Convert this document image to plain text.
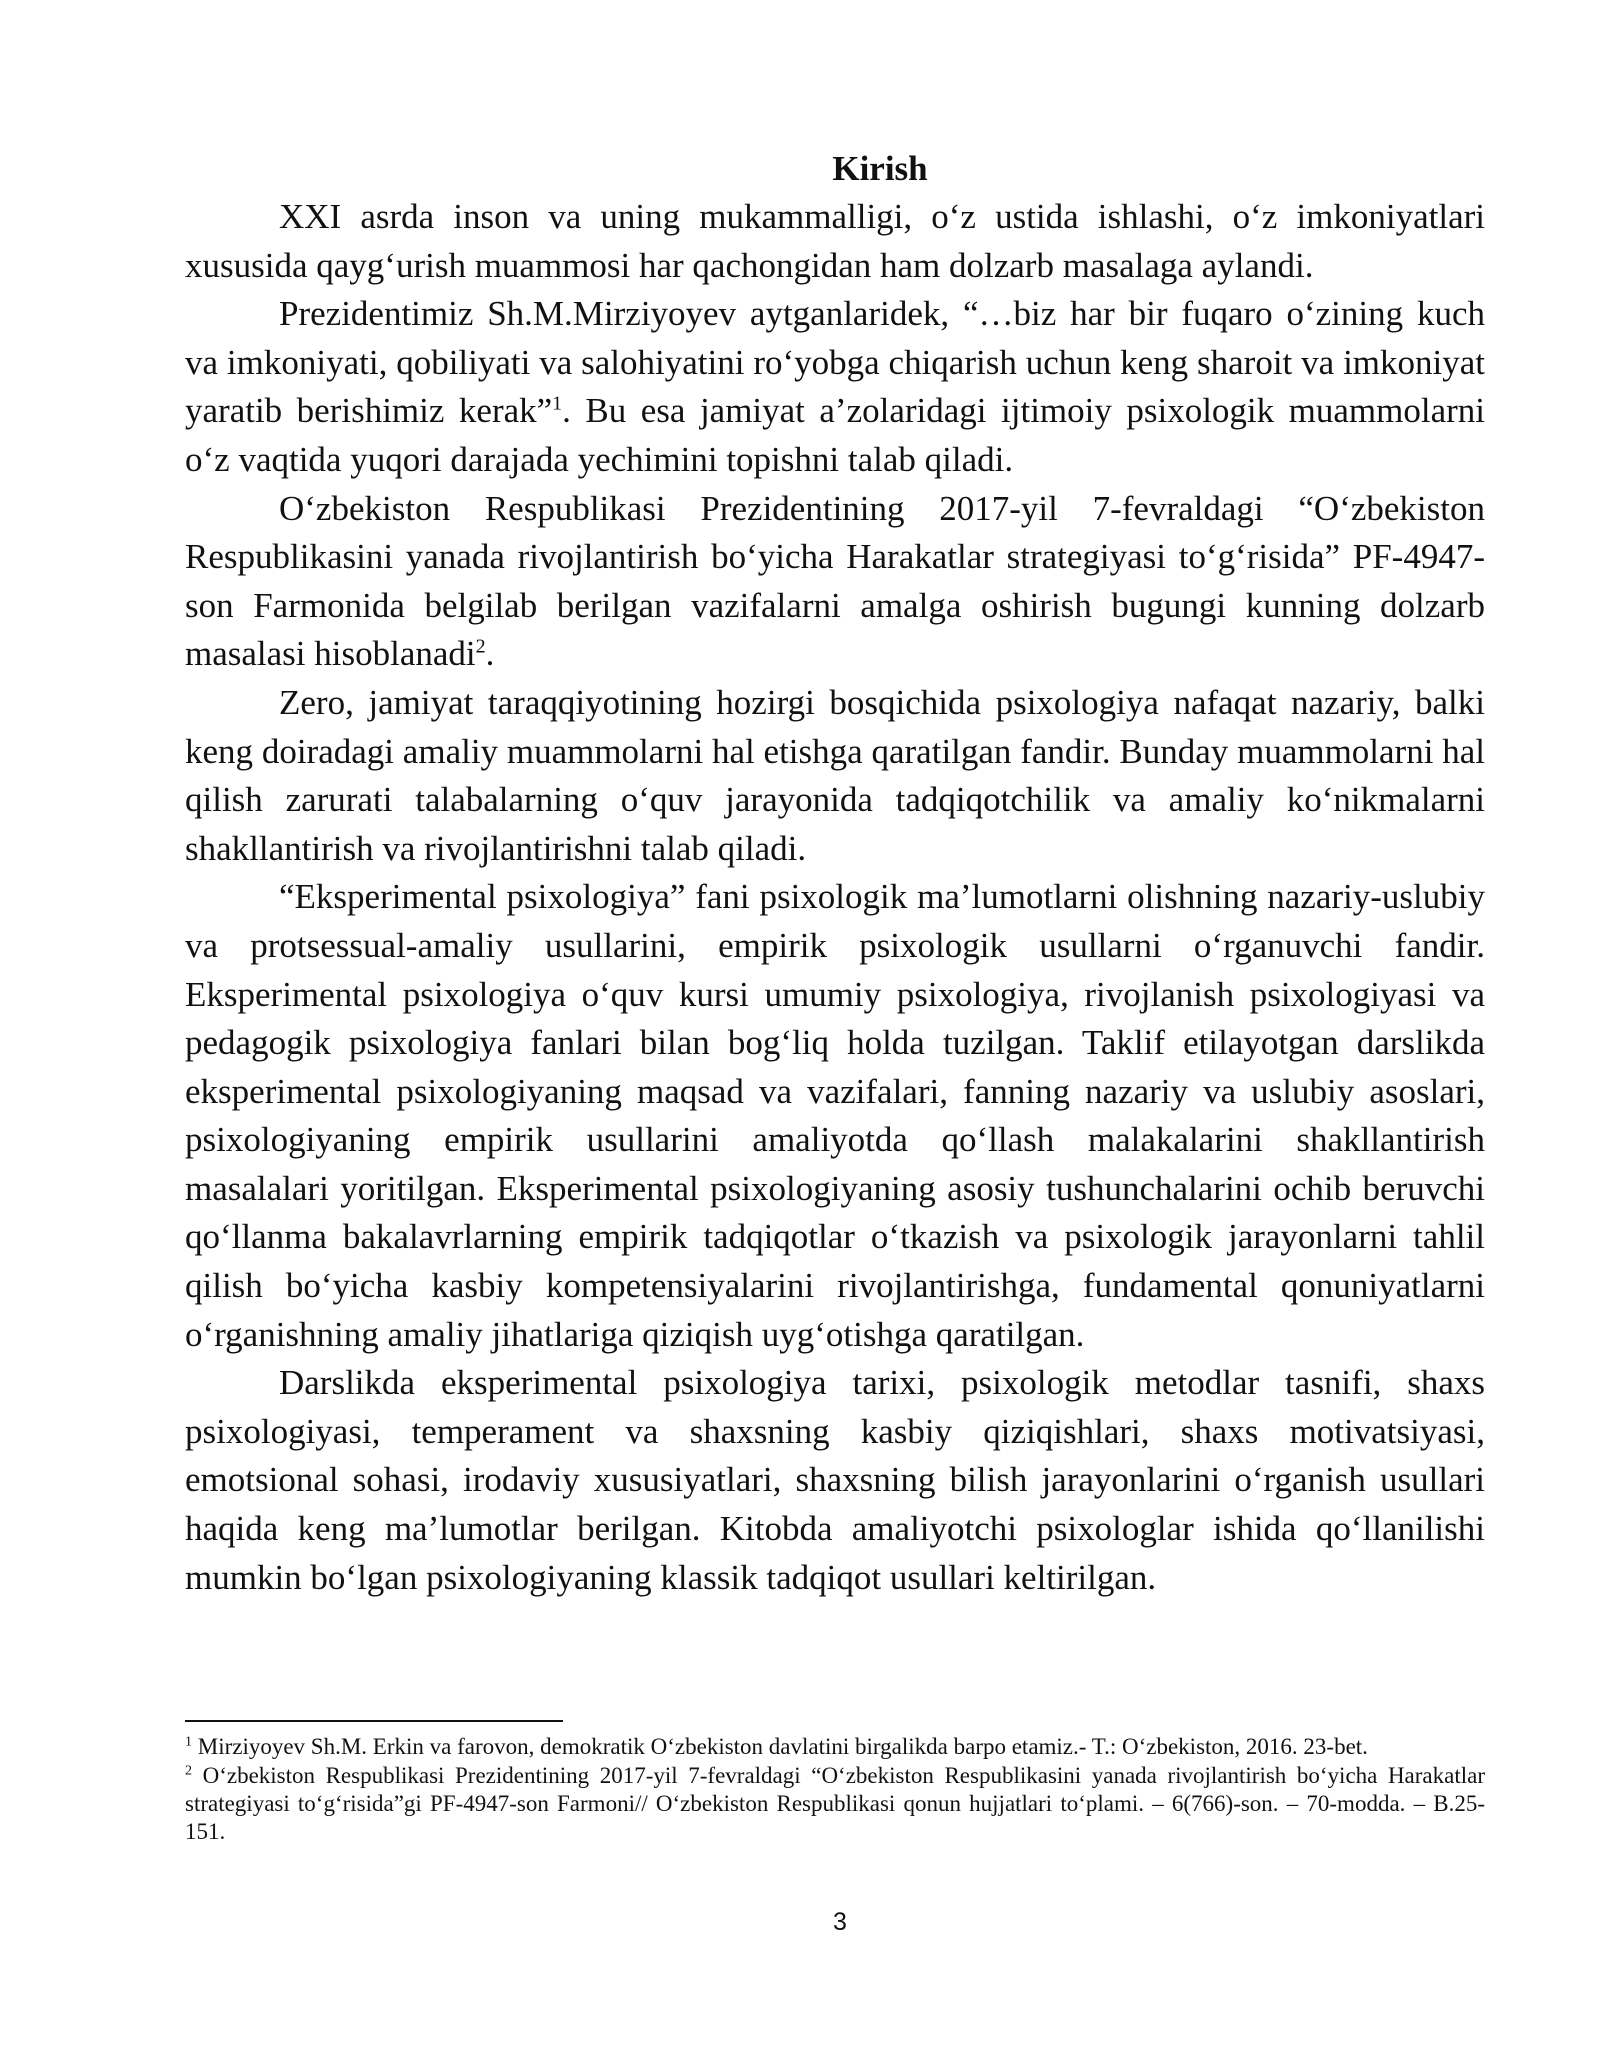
Kirish

XXI asrda inson va uning mukammalligi, o‘z ustida ishlashi, o‘z imkoniyatlari xususida qayg‘urish muammosi har qachongidan ham dolzarb masalaga aylandi.

Prezidentimiz Sh.M.Mirziyoyev aytganlaridek, “…biz har bir fuqaro o‘zining kuch va imkoniyati, qobiliyati va salohiyatini ro‘yobga chiqarish uchun keng sharoit va imkoniyat yaratib berishimiz kerak”$^1$. Bu esa jamiyat a’zolaridagi ijtimoiy psixologik muammolarni o‘z vaqtida yuqori darajada yechimini topishni talab qiladi.

O‘zbekiston Respublikasi Prezidentining 2017-yil 7-fevraldagi “O‘zbekiston Respublikasini yanada rivojlantirish bo‘yicha Harakatlar strategiyasi to‘g‘risida” PF-4947-son Farmonida belgilab berilgan vazifalarni amalga oshirish bugungi kunning dolzarb masalasi hisoblanadi$^2$.

Zero, jamiyat taraqqiyotining hozirgi bosqichida psixologiya nafaqat nazariy, balki keng doiradagi amaliy muammolarni hal etishga qaratilgan fandir. Bunday muammolarni hal qilish zarurati talabalarning o‘quv jarayonida tadqiqotchilik va amaliy ko‘nikmalarni shakllantirish va rivojlantirishni talab qiladi.

“Eksperimental psixologiya” fani psixologik ma’lumotlarni olishning nazariy-uslubiy va protsessual-amaliy usullarini, empirik psixologik usullarni o‘rganuvchi fandir. Eksperimental psixologiya o‘quv kursi umumiy psixologiya, rivojlanish psixologiyasi va pedagogik psixologiya fanlari bilan bog‘liq holda tuzilgan. Taklif etilayotgan darslikda eksperimental psixologiyaning maqsad va vazifalari, fanning nazariy va uslubiy asoslari, psixologiyaning empirik usullarini amaliyotda qo‘llash malakalarini shakllantirish masalalari yoritilgan. Eksperimental psixologiyaning asosiy tushunchalarini ochib beruvchi qo‘llanma bakalavrlarning empirik tadqiqotlar o‘tkazish va psixologik jarayonlarni tahlil qilish bo‘yicha kasbiy kompetensiyalarini rivojlantirishga, fundamental qonuniyatlarni o‘rganishning amaliy jihatlariga qiziqish uyg‘otishga qaratilgan.

Darslikda eksperimental psixologiya tarixi, psixologik metodlar tasnifi, shaxs psixologiyasi, temperament va shaxsning kasbiy qiziqishlari, shaxs motivatsiyasi, emotsional sohasi, irodaviy xususiyatlari, shaxsning bilish jarayonlarini o‘rganish usullari haqida keng ma’lumotlar berilgan. Kitobda amaliyotchi psixologlar ishida qo‘llanilishi mumkin bo‘lgan psixologiyaning klassik tadqiqot usullari keltirilgan.

$^1$ Mirziyoyev Sh.M. Erkin va farovon, demokratik O‘zbekiston davlatini birgalikda barpo etamiz.- T.: O‘zbekiston, 2016. 23-bet.

$^2$ O‘zbekiston Respublikasi Prezidentining 2017-yil 7-fevraldagi “O‘zbekiston Respublikasini yanada rivojlantirish bo‘yicha Harakatlar strategiyasi to‘g‘risida”gi PF-4947-son Farmoni// O‘zbekiston Respublikasi qonun hujjatlari to‘plami. – 6(766)-son. – 70-modda. – B.25-151.

3
